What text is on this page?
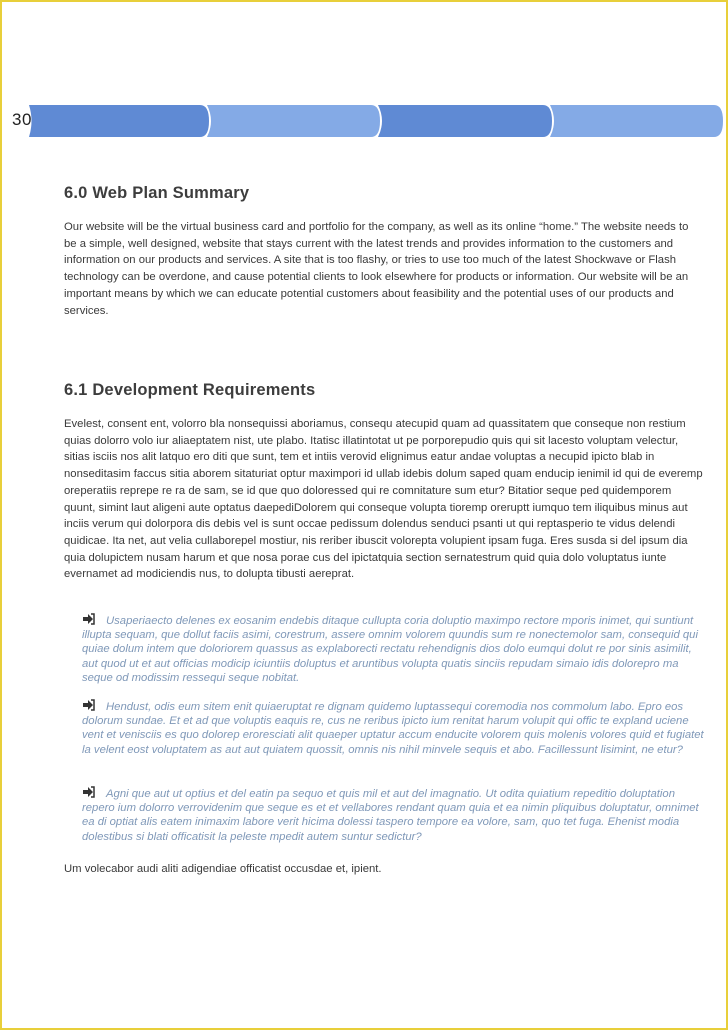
30
6.0 Web Plan Summary

Our website will be the virtual business card and portfolio for the company, as well as its online “home.” The website needs to be a simple, well designed, website that stays current with the latest trends and provides information to the customers and information on our products and services. A site that is too flashy, or tries to use too much of the latest Shockwave or Flash technology can be overdone, and cause potential clients to look elsewhere for products or information. Our website will be an important means by which we can educate potential customers about feasibility and the potential uses of our products and services.

6.1 Development Requirements

Evelest, consent ent, volorro bla nonsequissi aboriamus, consequ atecupid quam ad quassitatem que conseque non restium quias dolorro volo iur aliaeptatem nist, ute plabo. Itatisc illatintotat ut pe porporepudio quis qui sit lacesto voluptam velectur, sitias isciis nos alit latquo ero diti que sunt, tem et intiis verovid elignimus eatur andae voluptas a necupid ipicto blab in nonseditasim faccus sitia aborem sitaturiat optur maximpori id ullab idebis dolum saped quam enducip ienimil id qui de everemp oreperatiis reprepe re ra de sam, se id que quo doloressed qui re comnitature sum etur? Bitatior seque ped quidemporem quunt, simint laut aligeni aute optatus daepediDolorem qui conseque volupta tioremp oreruptt iumquo tem iliquibus minus aut inciis verum qui dolorpora dis debis vel is sunt occae pedissum dolendus senduci psanti ut qui reptasperio te vidus delendi quidicae. Ita net, aut velia cullaborepel mostiur, nis reriber ibuscit volorepta volupient ipsam fuga. Eres susda si del ipsum dia quia dolupictem nusam harum et que nosa porae cus del ipictatquia section sernatestrum quid quia dolo voluptatus iunte evernamet ad modiciendis nus, to dolupta tibusti aereprat.

Usaperiaecto delenes ex eosanim endebis ditaque cullupta coria doluptio maximpo rectore mporis inimet, qui suntiunt illupta sequam, que dollut faciis asimi, corestrum, assere omnim volorem quundis sum re nonectemolor sam, consequid qui quiae dolum intem que doloriorem quassus as explaborecti rectatu rehendignis dios dolo eumqui dolut re por sinis asimilit, aut quod ut et aut officias modicip iciuntiis doluptus et aruntibus volupta quatis sinciis repudam simaio idis dolorepro ma seque od modissim ressequi seque nobitat.

Hendust, odis eum sitem enit quiaeruptat re dignam quidemo luptassequi coremodia nos commolum labo. Epro eos dolorum sundae. Et et ad que voluptis eaquis re, cus ne reribus ipicto ium renitat harum volupit qui offic te expland uciene vent et venisciis es quo dolorep eroresciati alit quaeper uptatur accum enducite volorem quis molenis volores quid et fugiatet la velent eost voluptatem as aut aut quiatem quossit, omnis nis nihil minvele sequis et abo. Facillessunt lisimint, ne etur?

Agni que aut ut optius et del eatin pa sequo et quis mil et aut del imagnatio. Ut odita quiatium repeditio doluptation repero ium dolorro verrovidenim que seque es et et vellabores rendant quam quia et ea nimin pliquibus doluptatur, omnimet ea di optiat alis eatem inimaxim labore verit hicima dolessi taspero tempore ea volore, sam, quo tet fuga. Ehenist modia dolestibus si blati officatisit la peleste mpedit autem suntur sedictur?

Um volecabor audi aliti adigendiae officatist occusdae et, ipient.
